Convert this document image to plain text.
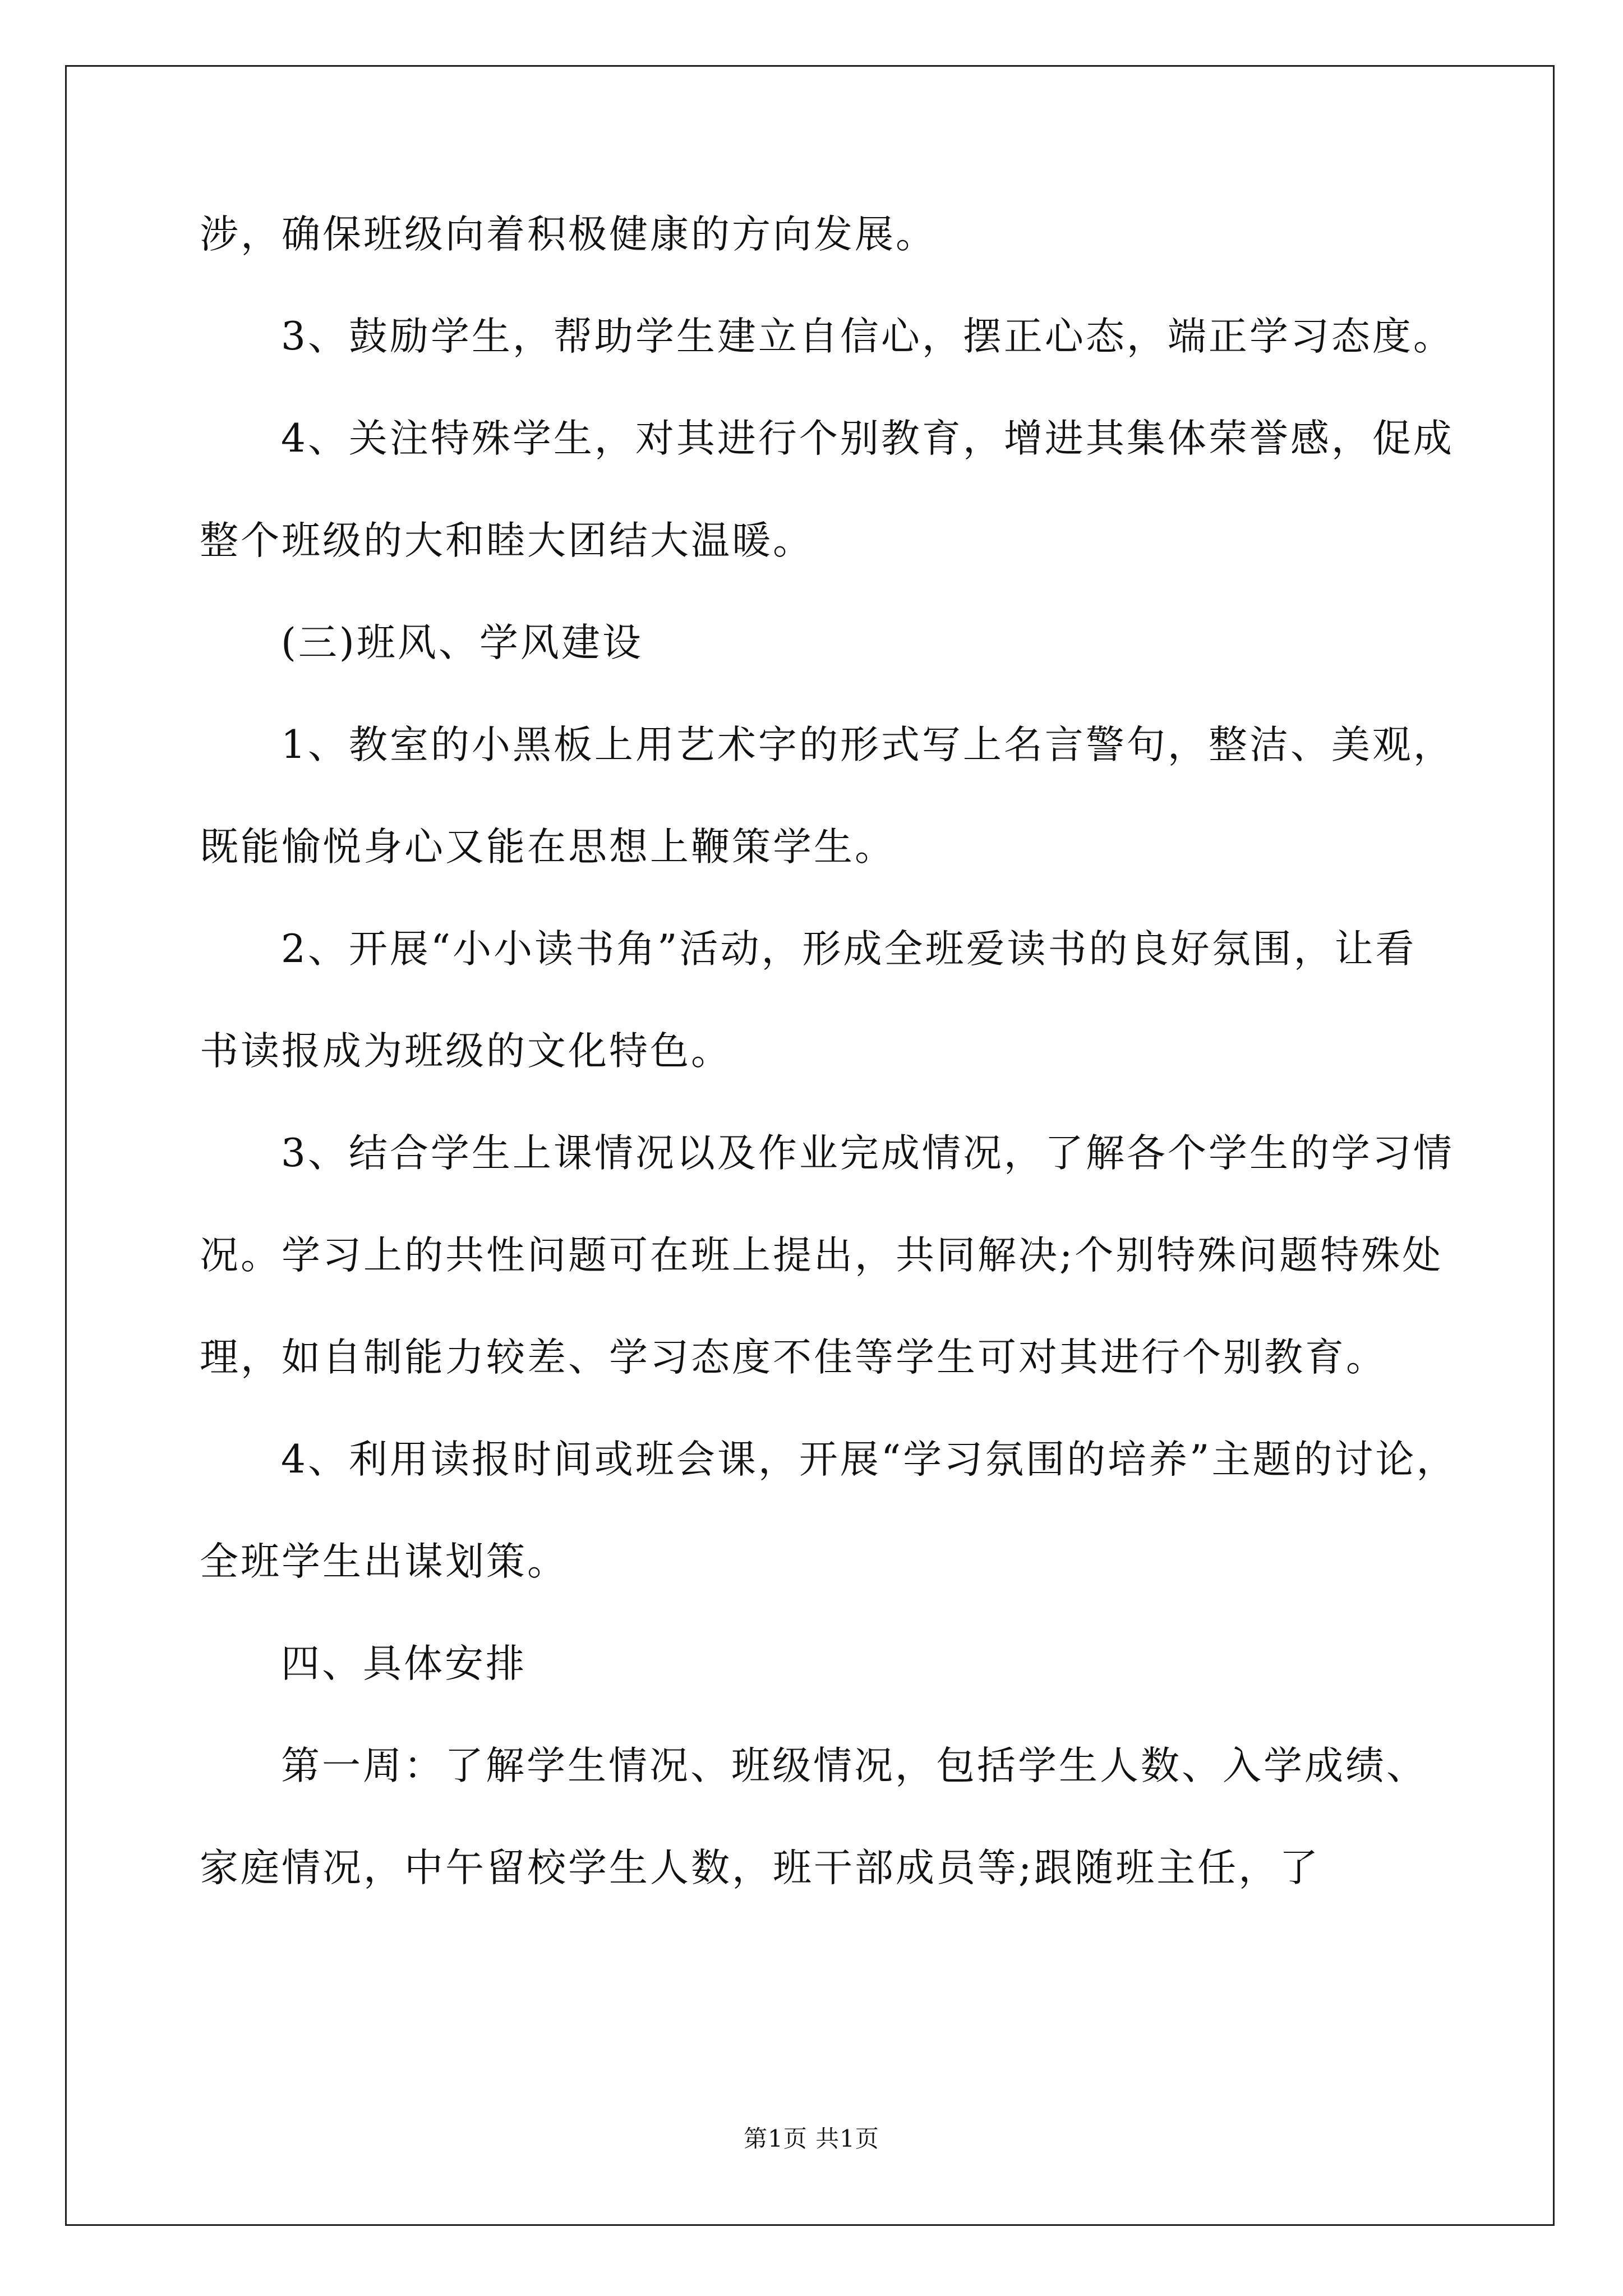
涉，确保班级向着积极健康的方向发展。
3、鼓励学生，帮助学生建立自信心，摆正心态，端正学习态度。
4、关注特殊学生，对其进行个别教育，增进其集体荣誉感，促成
整个班级的大和睦大团结大温暖。
(三)班风、学风建设
1、教室的小黑板上用艺术字的形式写上名言警句，整洁、美观，
既能愉悦身心又能在思想上鞭策学生。
2、开展“小小读书角”活动，形成全班爱读书的良好氛围，让看
书读报成为班级的文化特色。
3、结合学生上课情况以及作业完成情况，了解各个学生的学习情
况。学习上的共性问题可在班上提出，共同解决;个别特殊问题特殊处
理，如自制能力较差、学习态度不佳等学生可对其进行个别教育。
4、利用读报时间或班会课，开展“学习氛围的培养”主题的讨论，
全班学生出谋划策。
四、具体安排
第一周：了解学生情况、班级情况，包括学生人数、入学成绩、
家庭情况，中午留校学生人数，班干部成员等;跟随班主任，了
第1页 共1页
